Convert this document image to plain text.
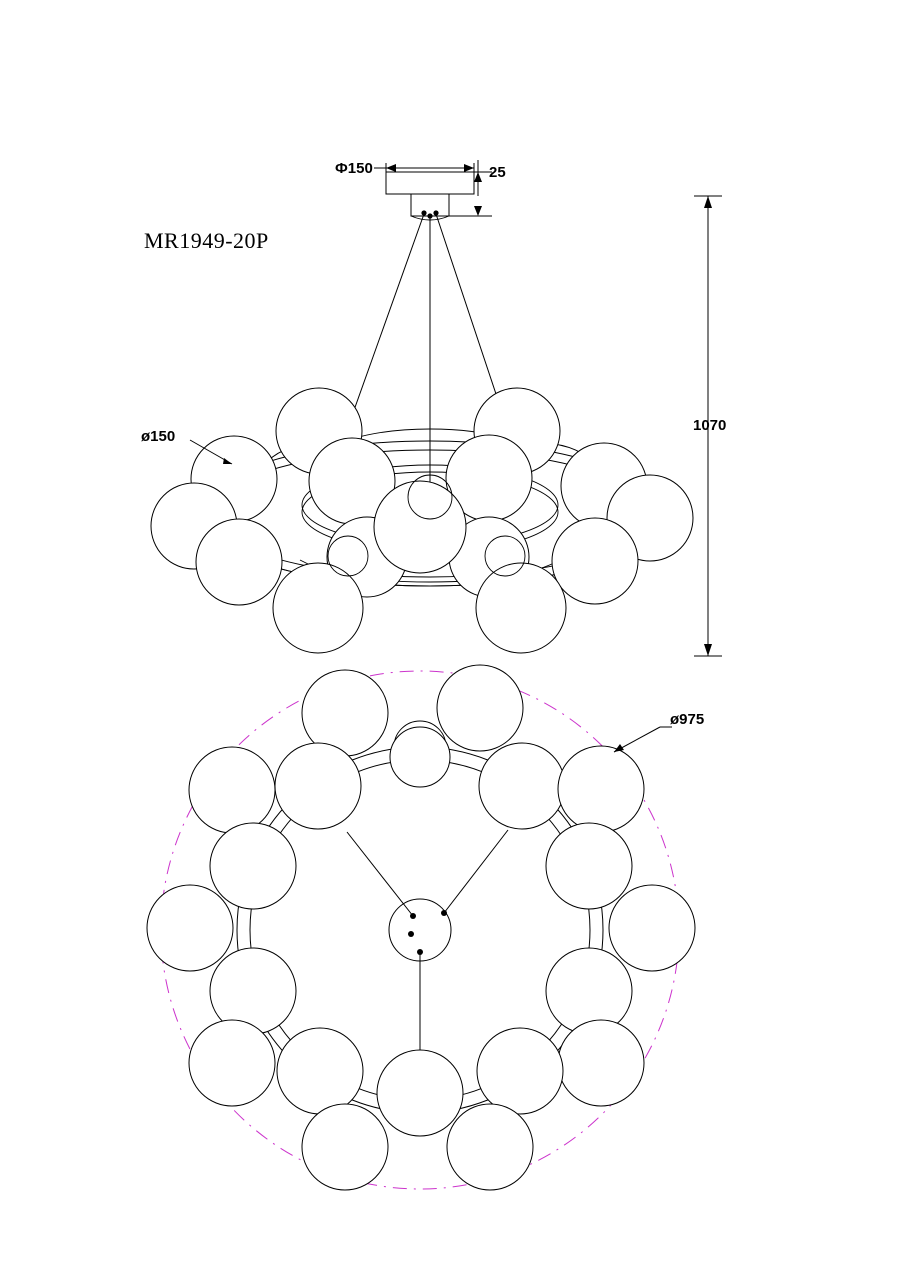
MR1949-20P
ø150
Ф150	25
1070
ø975
